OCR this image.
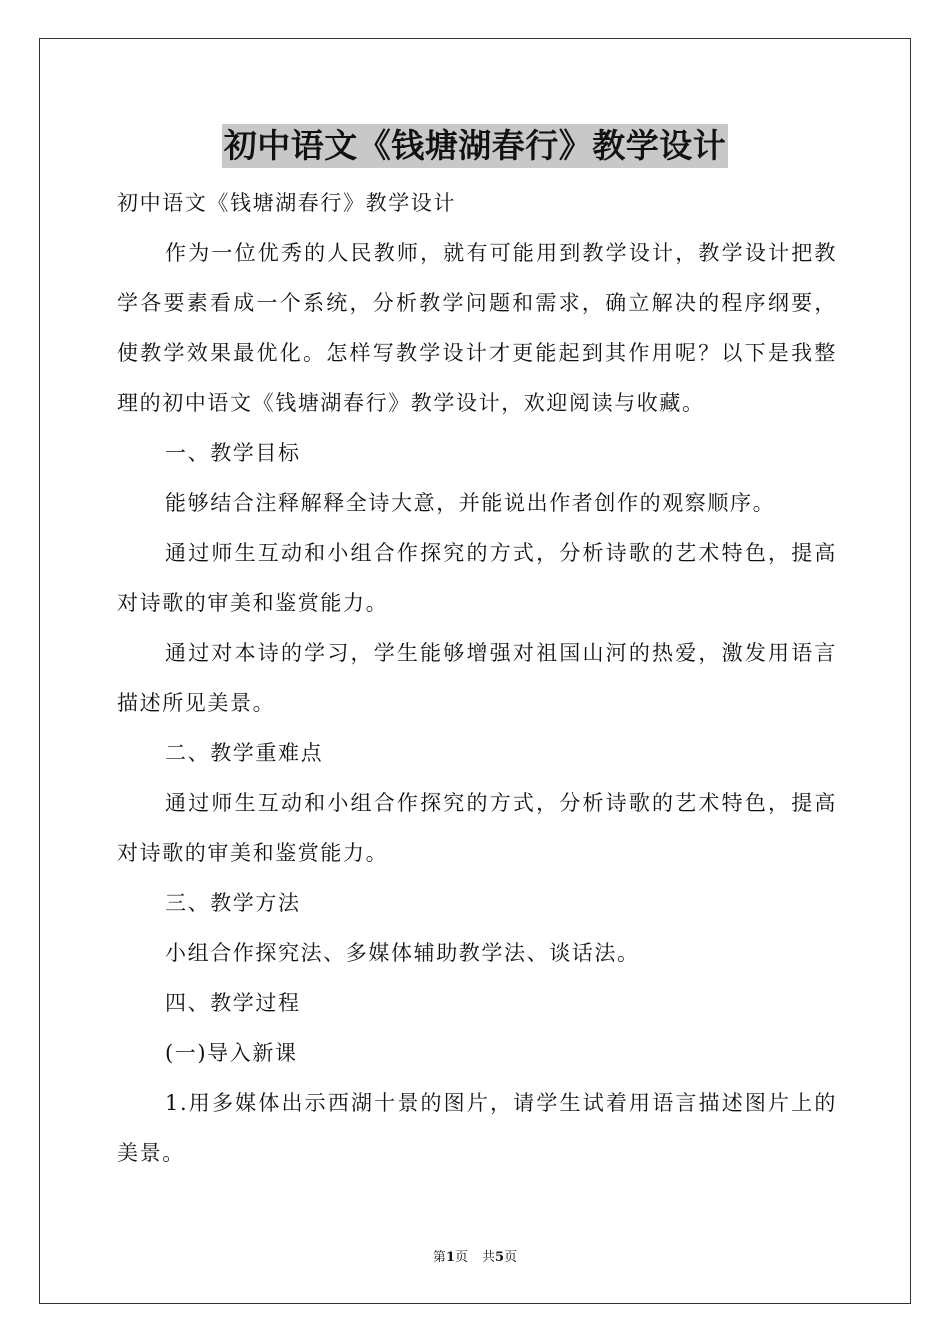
初中语文《钱塘湖春行》教学设计

初中语文《钱塘湖春行》教学设计

作为一位优秀的人民教师，就有可能用到教学设计，教学设计把教学各要素看成一个系统，分析教学问题和需求，确立解决的程序纲要，使教学效果最优化。怎样写教学设计才更能起到其作用呢？以下是我整理的初中语文《钱塘湖春行》教学设计，欢迎阅读与收藏。

一、教学目标

能够结合注释解释全诗大意，并能说出作者创作的观察顺序。

通过师生互动和小组合作探究的方式，分析诗歌的艺术特色，提高对诗歌的审美和鉴赏能力。

通过对本诗的学习，学生能够增强对祖国山河的热爱，激发用语言描述所见美景。

二、教学重难点

通过师生互动和小组合作探究的方式，分析诗歌的艺术特色，提高对诗歌的审美和鉴赏能力。

三、教学方法

小组合作探究法、多媒体辅助教学法、谈话法。

四、教学过程

(一)导入新课

1.用多媒体出示西湖十景的图片，请学生试着用语言描述图片上的美景。

第1页 共5页
